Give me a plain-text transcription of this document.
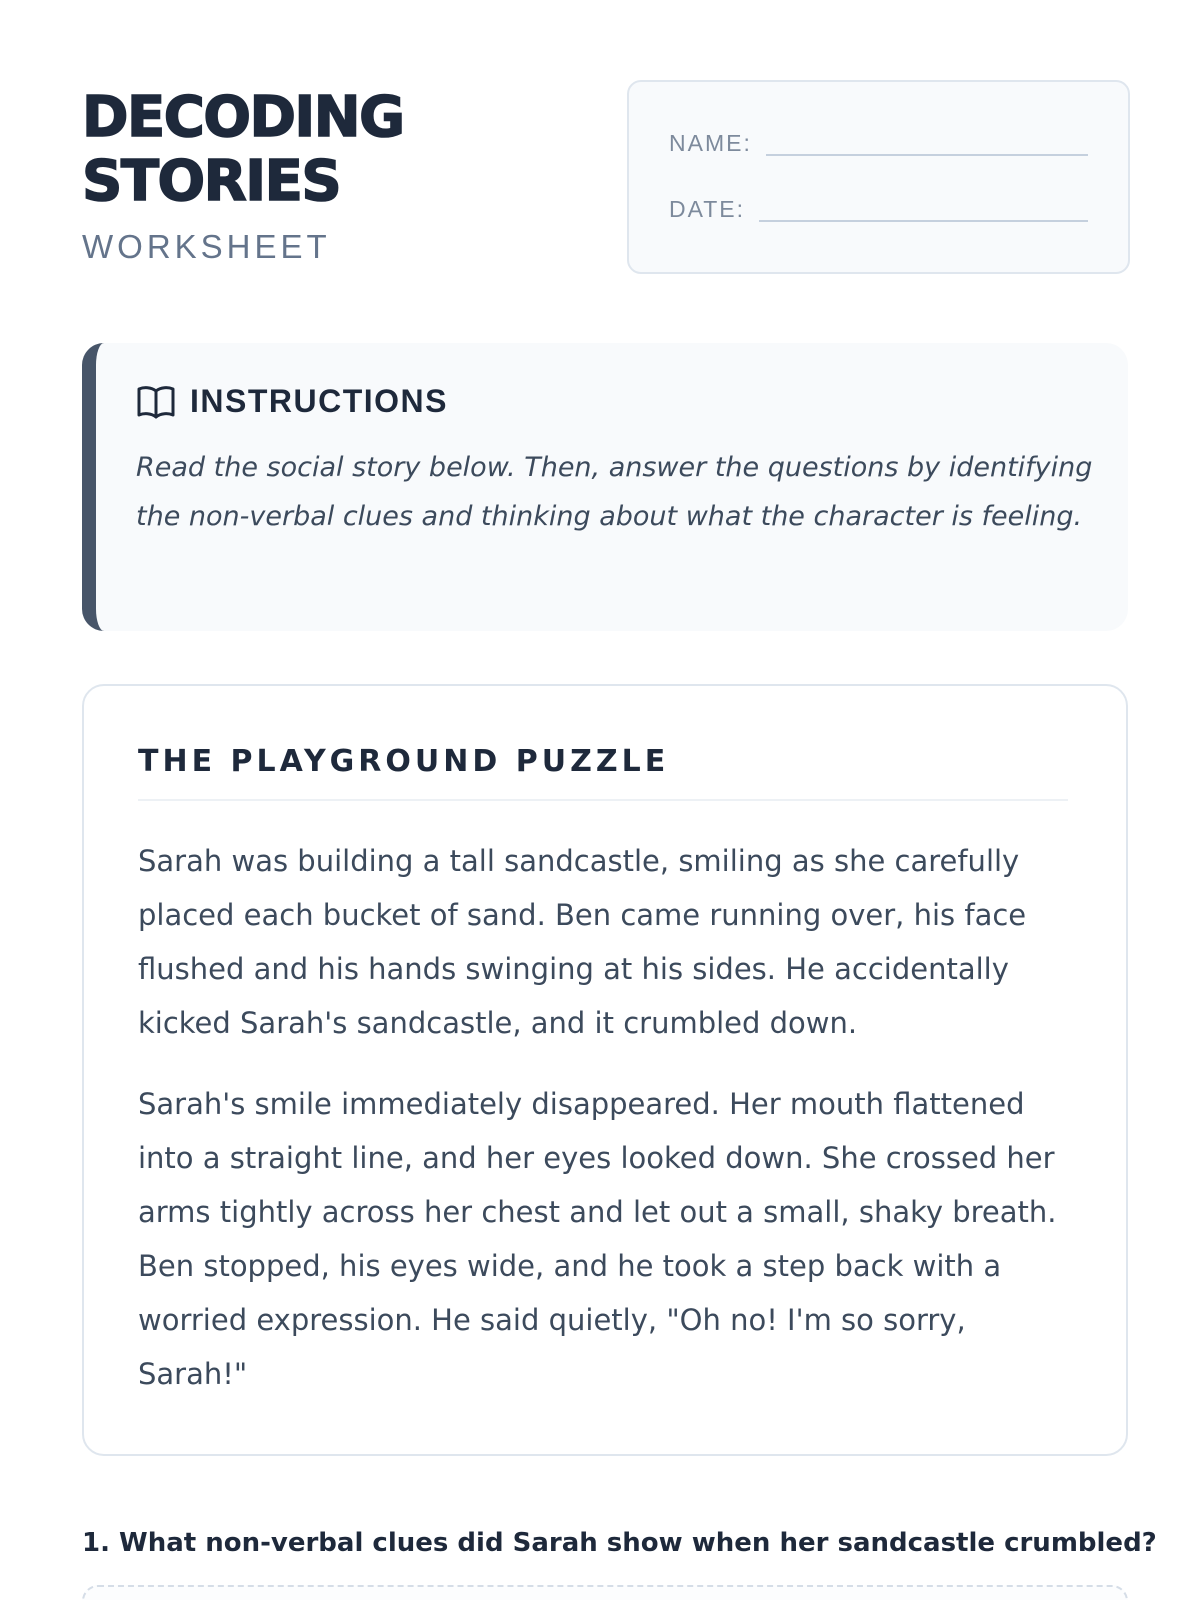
DECODING
STORIES
WORKSHEET
NAME:
DATE:
INSTRUCTIONS

Read the social story below. Then, answer the questions by identifying the non-verbal clues and thinking about what the character is feeling.

THE PLAYGROUND PUZZLE

Sarah was building a tall sandcastle, smiling as she carefully placed each bucket of sand. Ben came running over, his face flushed and his hands swinging at his sides. He accidentally kicked Sarah's sandcastle, and it crumbled down.

Sarah's smile immediately disappeared. Her mouth flattened into a straight line, and her eyes looked down. She crossed her arms tightly across her chest and let out a small, shaky breath. Ben stopped, his eyes wide, and he took a step back with a worried expression. He said quietly, "Oh no! I'm so sorry, Sarah!"

1. What non-verbal clues did Sarah show when her sandcastle crumbled?
